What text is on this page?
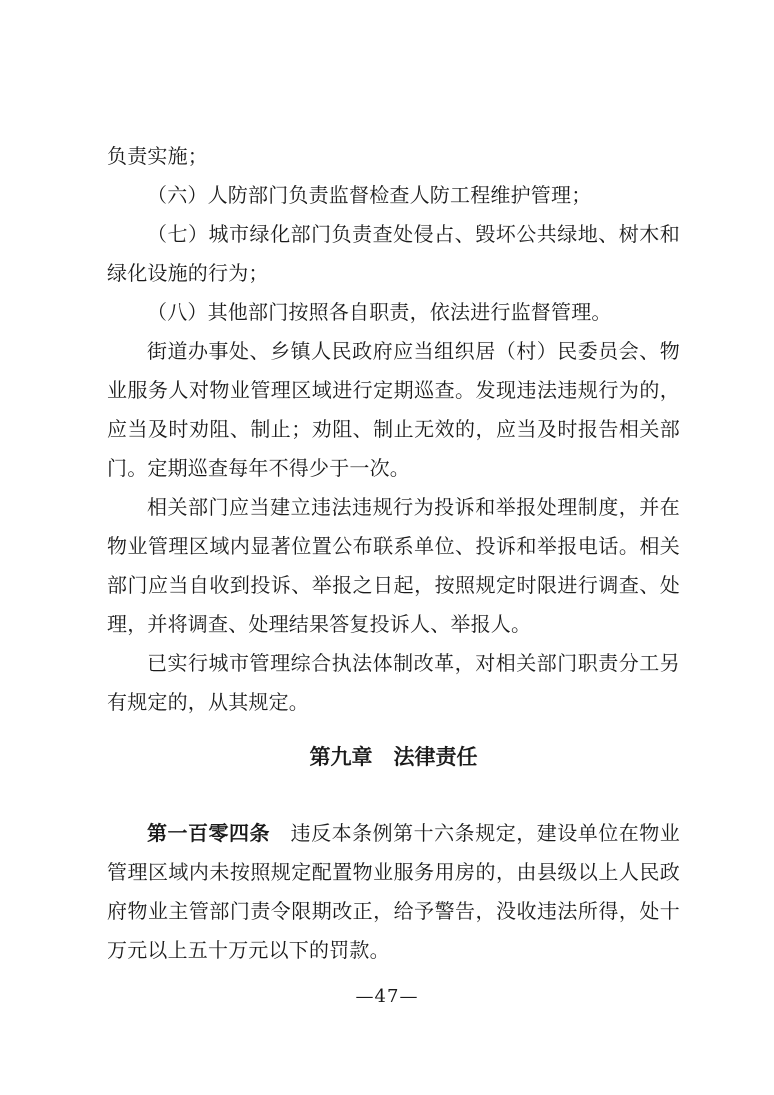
负责实施；

（六）人防部门负责监督检查人防工程维护管理；

（七）城市绿化部门负责查处侵占、毁坏公共绿地、树木和绿化设施的行为；

（八）其他部门按照各自职责，依法进行监督管理。

街道办事处、乡镇人民政府应当组织居（村）民委员会、物业服务人对物业管理区域进行定期巡查。发现违法违规行为的，应当及时劝阻、制止；劝阻、制止无效的，应当及时报告相关部门。定期巡查每年不得少于一次。

相关部门应当建立违法违规行为投诉和举报处理制度，并在物业管理区域内显著位置公布联系单位、投诉和举报电话。相关部门应当自收到投诉、举报之日起，按照规定时限进行调查、处理，并将调查、处理结果答复投诉人、举报人。

已实行城市管理综合执法体制改革，对相关部门职责分工另有规定的，从其规定。

第九章　法律责任

第一百零四条　违反本条例第十六条规定，建设单位在物业管理区域内未按照规定配置物业服务用房的，由县级以上人民政府物业主管部门责令限期改正，给予警告，没收违法所得，处十万元以上五十万元以下的罚款。

—47—
